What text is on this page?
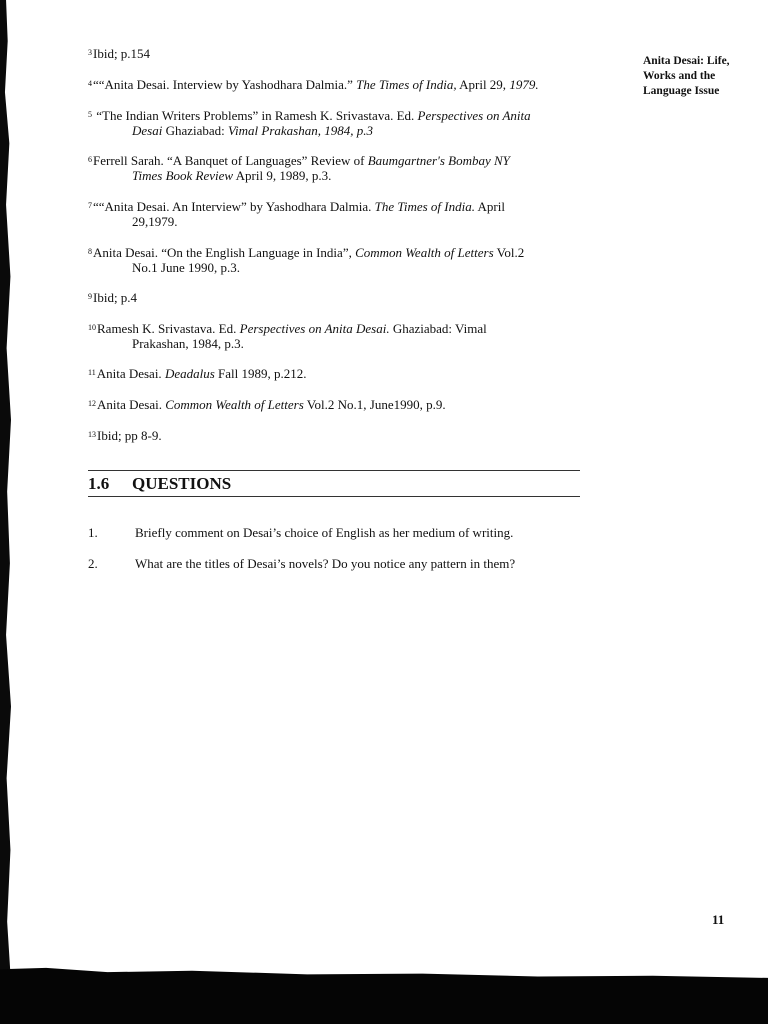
Anita Desai: Life,
Works and the
Language Issue

$^3$Ibid; p.154

$^4$““Anita Desai. Interview by Yashodhara Dalmia.” The Times of India, April 29, 1979.

$^5$ “The Indian Writers Problems” in Ramesh K. Srivastava. Ed. Perspectives on Anita
Desai Ghaziabad: Vimal Prakashan, 1984, p.3

$^6$Ferrell Sarah. “A Banquet of Languages” Review of Baumgartner's Bombay NY
Times Book Review April 9, 1989, p.3.

$^7$““Anita Desai. An Interview” by Yashodhara Dalmia. The Times of India. April
29,1979.

$^8$Anita Desai. “On the English Language in India”, Common Wealth of Letters Vol.2
No.1 June 1990, p.3.

$^9$Ibid; p.4

$^{10}$Ramesh K. Srivastava. Ed. Perspectives on Anita Desai. Ghaziabad: Vimal
Prakashan, 1984, p.3.

$^{11}$Anita Desai. Deadalus Fall 1989, p.212.

$^{12}$Anita Desai. Common Wealth of Letters Vol.2 No.1, June1990, p.9.

$^{13}$Ibid; pp 8-9.

1.6 QUESTIONS
1.	Briefly comment on Desai’s choice of English as her medium of writing.
2.	What are the titles of Desai’s novels? Do you notice any pattern in them?
11
